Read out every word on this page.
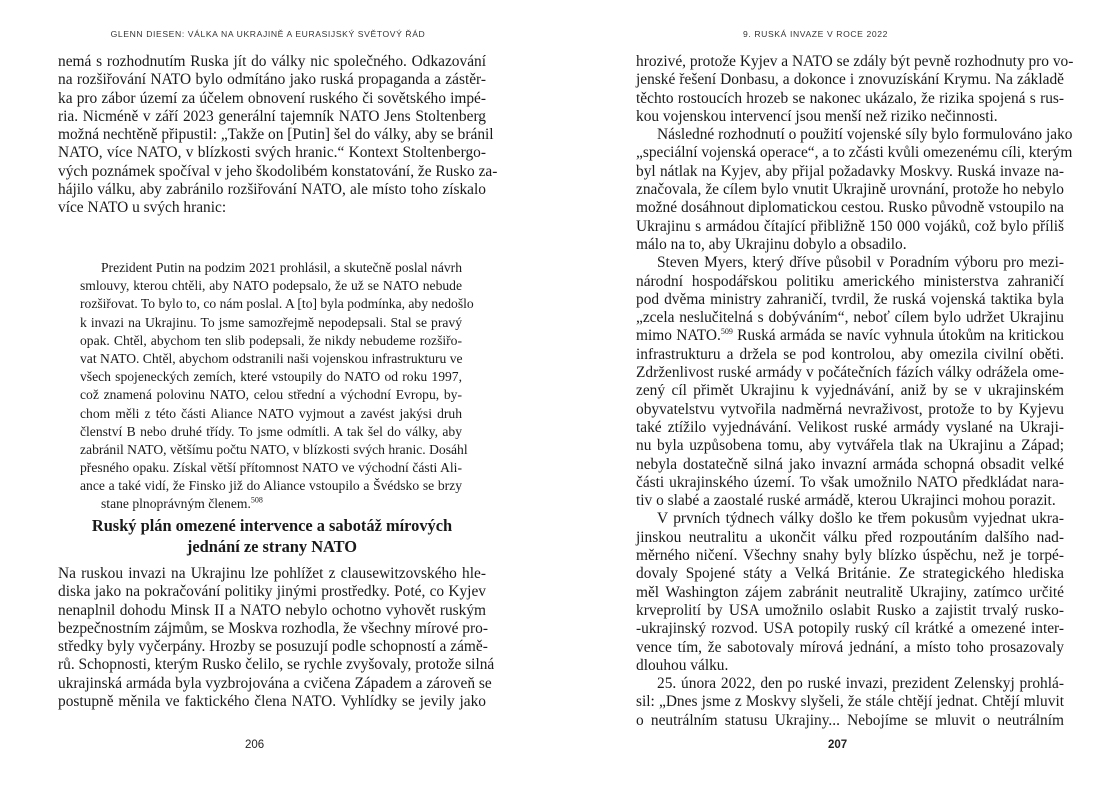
GLENN DIESEN: VÁLKA NA UKRAJINĚ A EURASIJSKÝ SVĚTOVÝ ŘÁD
nemá s rozhodnutím Ruska jít do války nic společného. Odkazování
na rozšiřování NATO bylo odmítáno jako ruská propaganda a zástěr-
ka pro zábor území za účelem obnovení ruského či sovětského impé-
ria. Nicméně v září 2023 generální tajemník NATO Jens Stoltenberg
možná nechtěně připustil: „Takže on [Putin] šel do války, aby se bránil
NATO, více NATO, v blízkosti svých hranic.“ Kontext Stoltenbergo-
vých poznámek spočíval v jeho škodolibém konstatování, že Rusko za-
hájilo válku, aby zabránilo rozšiřování NATO, ale místo toho získalo
více NATO u svých hranic:
Prezident Putin na podzim 2021 prohlásil, a skutečně poslal návrh
smlouvy, kterou chtěli, aby NATO podepsalo, že už se NATO nebude
rozšiřovat. To bylo to, co nám poslal. A [to] byla podmínka, aby nedošlo
k invazi na Ukrajinu. To jsme samozřejmě nepodepsali. Stal se pravý
opak. Chtěl, abychom ten slib podepsali, že nikdy nebudeme rozšiřo-
vat NATO. Chtěl, abychom odstranili naši vojenskou infrastrukturu ve
všech spojeneckých zemích, které vstoupily do NATO od roku 1997,
což znamená polovinu NATO, celou střední a východní Evropu, by-
chom měli z této části Aliance NATO vyjmout a zavést jakýsi druh
členství B nebo druhé třídy. To jsme odmítli. A tak šel do války, aby
zabránil NATO, většímu počtu NATO, v blízkosti svých hranic. Dosáhl
přesného opaku. Získal větší přítomnost NATO ve východní části Ali-
ance a také vidí, že Finsko již do Aliance vstoupilo a Švédsko se brzy
stane plnoprávným členem.$^{508}$
Ruský plán omezené intervence a sabotáž mírových
jednání ze strany NATO
Na ruskou invazi na Ukrajinu lze pohlížet z clausewitzovského hle-
diska jako na pokračování politiky jinými prostředky. Poté, co Kyjev
nenaplnil dohodu Minsk II a NATO nebylo ochotno vyhovět ruským
bezpečnostním zájmům, se Moskva rozhodla, že všechny mírové pro-
středky byly vyčerpány. Hrozby se posuzují podle schopností a zámě-
rů. Schopnosti, kterým Rusko čelilo, se rychle zvyšovaly, protože silná
ukrajinská armáda byla vyzbrojována a cvičena Západem a zároveň se
postupně měnila ve faktického člena NATO. Vyhlídky se jevily jako
206
9. RUSKÁ INVAZE V ROCE 2022
hrozivé, protože Kyjev a NATO se zdály být pevně rozhodnuty pro vo-
jenské řešení Donbasu, a dokonce i znovuzískání Krymu. Na základě
těchto rostoucích hrozeb se nakonec ukázalo, že rizika spojená s rus-
kou vojenskou intervencí jsou menší než riziko nečinnosti.
Následné rozhodnutí o použití vojenské síly bylo formulováno jako
„speciální vojenská operace“, a to zčásti kvůli omezenému cíli, kterým
byl nátlak na Kyjev, aby přijal požadavky Moskvy. Ruská invaze na-
značovala, že cílem bylo vnutit Ukrajině urovnání, protože ho nebylo
možné dosáhnout diplomatickou cestou. Rusko původně vstoupilo na
Ukrajinu s armádou čítající přibližně 150 000 vojáků, což bylo příliš
málo na to, aby Ukrajinu dobylo a obsadilo.
Steven Myers, který dříve působil v Poradním výboru pro mezi-
národní hospodářskou politiku amerického ministerstva zahraničí
pod dvěma ministry zahraničí, tvrdil, že ruská vojenská taktika byla
„zcela neslučitelná s dobýváním“, neboť cílem bylo udržet Ukrajinu
mimo NATO.$^{509}$ Ruská armáda se navíc vyhnula útokům na kritickou
infrastrukturu a držela se pod kontrolou, aby omezila civilní oběti.
Zdrženlivost ruské armády v počátečních fázích války odrážela ome-
zený cíl přimět Ukrajinu k vyjednávání, aniž by se v ukrajinském
obyvatelstvu vytvořila nadměrná nevraživost, protože to by Kyjevu
také ztížilo vyjednávání. Velikost ruské armády vyslané na Ukraji-
nu byla uzpůsobena tomu, aby vytvářela tlak na Ukrajinu a Západ;
nebyla dostatečně silná jako invazní armáda schopná obsadit velké
části ukrajinského území. To však umožnilo NATO předkládat nara-
tiv o slabé a zaostalé ruské armádě, kterou Ukrajinci mohou porazit.
V prvních týdnech války došlo ke třem pokusům vyjednat ukra-
jinskou neutralitu a ukončit válku před rozpoutáním dalšího nad-
měrného ničení. Všechny snahy byly blízko úspěchu, než je torpé-
dovaly Spojené státy a Velká Británie. Ze strategického hlediska
měl Washington zájem zabránit neutralitě Ukrajiny, zatímco určité
krveprolití by USA umožnilo oslabit Rusko a zajistit trvalý rusko-
-ukrajinský rozvod. USA potopily ruský cíl krátké a omezené inter-
vence tím, že sabotovaly mírová jednání, a místo toho prosazovaly
dlouhou válku.
25. února 2022, den po ruské invazi, prezident Zelenskyj prohlá-
sil: „Dnes jsme z Moskvy slyšeli, že stále chtějí jednat. Chtějí mluvit
o neutrálním statusu Ukrajiny... Nebojíme se mluvit o neutrálním
207
